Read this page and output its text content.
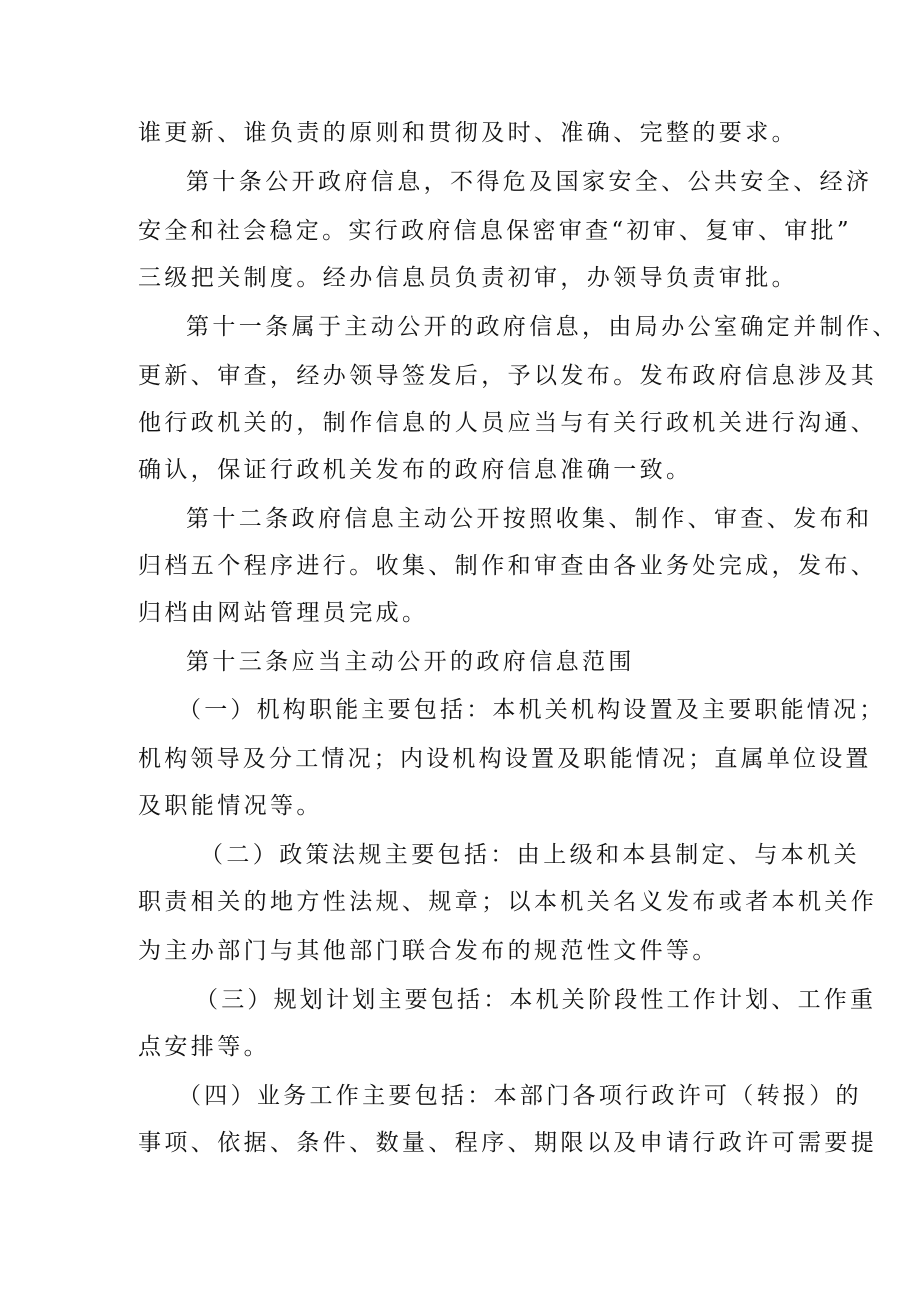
谁更新、谁负责的原则和贯彻及时、准确、完整的要求。
第十条公开政府信息，不得危及国家安全、公共安全、经济
安全和社会稳定。实行政府信息保密审查“初审、复审、审批”
三级把关制度。经办信息员负责初审，办领导负责审批。
第十一条属于主动公开的政府信息，由局办公室确定并制作、
更新、审查，经办领导签发后，予以发布。发布政府信息涉及其
他行政机关的，制作信息的人员应当与有关行政机关进行沟通、
确认，保证行政机关发布的政府信息准确一致。
第十二条政府信息主动公开按照收集、制作、审查、发布和
归档五个程序进行。收集、制作和审查由各业务处完成，发布、
归档由网站管理员完成。
第十三条应当主动公开的政府信息范围
（一）机构职能主要包括：本机关机构设置及主要职能情况；
机构领导及分工情况；内设机构设置及职能情况；直属单位设置
及职能情况等。
（二）政策法规主要包括：由上级和本县制定、与本机关
职责相关的地方性法规、规章；以本机关名义发布或者本机关作
为主办部门与其他部门联合发布的规范性文件等。
（三）规划计划主要包括：本机关阶段性工作计划、工作重
点安排等。
（四）业务工作主要包括：本部门各项行政许可（转报）的
事项、依据、条件、数量、程序、期限以及申请行政许可需要提
